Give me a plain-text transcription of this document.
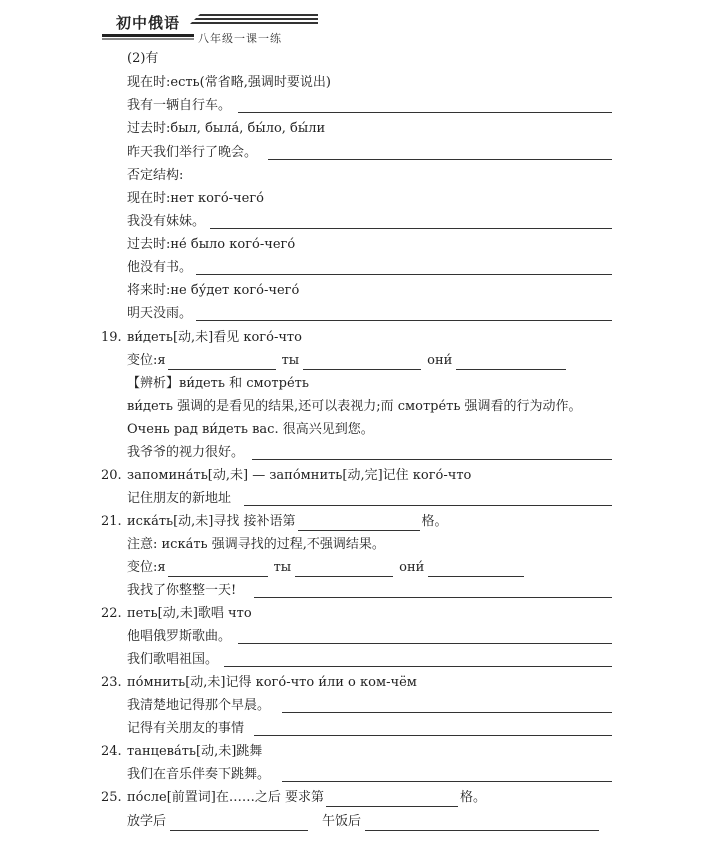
初中俄语
八年级一课一练
(2)有
现在时:есть(常省略,强调时要说出)
我有一辆自行车。
过去时:был, была́, бы́ло, бы́ли
昨天我们举行了晚会。
否定结构:
现在时:нет кого́-чего́
我没有妹妹。
过去时:не́ было кого́-чего́
他没有书。
将来时:не бу́дет кого́-чего́
明天没雨。
19. ви́деть[动,未]看见 кого́-что
变位:я	ты	они́
【辨析】ви́деть 和 смотре́ть
ви́деть 强调的是看见的结果,还可以表视力;而 смотре́ть 强调看的行为动作。
Очень рад ви́деть вас. 很高兴见到您。
我爷爷的视力很好。
20. запомина́ть[动,未] — запо́мнить[动,完]记住 кого́-что
记住朋友的新地址
21. иска́ть[动,未]寻找 接补语第	格。
注意: иска́ть 强调寻找的过程,不强调结果。
变位:я	ты	они́
我找了你整整一天!
22. петь[动,未]歌唱 что
他唱俄罗斯歌曲。
我们歌唱祖国。
23. по́мнить[动,未]记得 кого́-что и́ли о ком-чём
我清楚地记得那个早晨。
记得有关朋友的事情
24. танцева́ть[动,未]跳舞
我们在音乐伴奏下跳舞。
25. по́сле[前置词]在……之后 要求第	格。
放学后	午饭后
